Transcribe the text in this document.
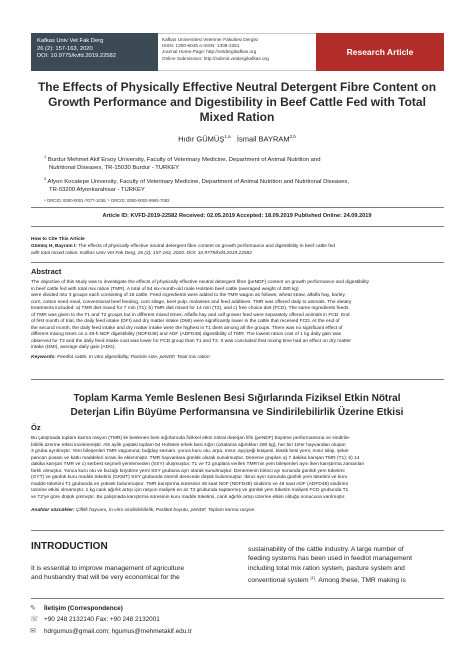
Kafkas Univ Vet Fak Derg
26 (2): 157-163, 2020
DOI: 10.9775/kvfd.2019.22582
Kafkas Universitesi Veteriner Fakultesi Dergisi
ISSN: 1300-6045 e-ISSN: 1309-2251
Journal Home-Page: http://vetdergikafkas.org
Online Submission: http://submit.vetdergikafkas.org
Research Article
The Effects of Physically Effective Neutral Detergent Fibre Content on
Growth Performance and Digestibility in Beef Cattle Fed with Total
Mixed Ration
Hıdır GÜMÜŞ$^{1,a}$ İsmail BAYRAM$^{2,b}$
$^1$ Burdur Mehmet Akif Ersoy University, Faculty of Veterinary Medicine, Department of Animal Nutrition and
Nutritional Diseases, TR-15030 Burdur - TURKEY
$^2$ Afyon Kocatepe University, Faculty of Veterinary Medicine, Department of Animal Nutrition and Nutritional Diseases,
TR-03200 Afyonkarahisar - TURKEY
ᵃ ORCID: 0000-0001-7077-1036; ᵇ ORCID: 0000-0002-9993-7092
Article ID: KVFD-2019-22582 Received: 02.05.2019 Accepted: 18.09.2019 Published Online: 24.09.2019
How to Cite This Article
Gümüş H, Bayram İ: The effects of physically effective neutral detergent fibre content on growth performance and digestibility in beef cattle fed
with total mixed ration. Kafkas Univ Vet Fak Derg, 26 (2): 157-163, 2020. DOI: 10.9775/kvfd.2019.22582
Abstract
The objective of this study was to investigate the effects of physically effective neutral detergent fibre (peNDF) content on growth performance and digestibility
in beef cattle fed with total mix ration (TMR). A total of 54 six-month-old male Holstein beef cattle (averaged weight of 280 kg)
were divided into 3 groups each consisting of 18 cattle. Feed ingredients were added to the TMR wagon as follows; wheat straw, alfalfa hay, barley,
corn, cotton seed meal, conventional beef feeding, corn silage, beet pulp, molasses and feed additives. TMR was offered daily to animals. The dietary
treatments included: a) TMR diet mixed for 7 min (T1); b) TMR diet mixed for 14 min (T2), and c) free choice diet (FCD). The same ingredients feeds
of TMR was given to the T1 and T2 groups but in different mixed times. Alfalfa hay and calf grower feed were separately offered animals in FCD. End
of first month of trial, the daily feed intake (DFI) and dry matter intake (DMI) were significantly lower in the cattle that received FCD. At the end of
the second month, the daily feed intake and dry matter intake were the highest in T1 diets among all the groups. There was no significant effect of
different mixing times on ≥ 48-h NDF digestibility (NDFD48) and ADF (ADFD48) digestibility of TMR. The lowest ration cost of 1 kg daily gain was
observed for T2 and the daily feed intake cost was lower for FCD group than T1 and T2. It was concluded that mixing time had an effect on dry matter
intake (DMI), average daily gain (ADG).
Keywords: Feedlot cattle, In vitro digestibility, Particle size, peNDF, Total mix ration
Toplam Karma Yemle Beslenen Besi Sığırlarında Fiziksel Etkin Nötral
Deterjan Lifin Büyüme Performansına ve Sindirilebilirlik Üzerine Etkisi
Öz
Bu çalışmada toplam karma rasyon (TMR) ile beslenen besi sığırlarında fiziksel etkin nötral deterjan lifin (peNDF) büyüme performansına ve sindirile-
bilirlik üzerine etkisi incelenmiştir. Altı aylık yaştaki toplam 54 Holstein erkek besi sığırı (ortalama ağırlıkları 280 kg), her biri 18'er hayvandan oluşan
3 gruba ayrılmıştır. Yem bileşenleri TMR vagonuna; buğday samanı, yonca kuru otu, arpa, mısır, ayçiçeği küspesi, klasik besi yemi, mısır silajı, şeker
pancarı posası ve katkı maddeleri sırası ile eklenmiştir. TMR hayvanlara günlük olarak sunulmuştur. Deneme grupları a) 7 dakika karışan TMR (T1); b) 14
dakika karışan TMR ve c) serbest seçmeli yemlemeden (SSY) oluşmuştur. T1 ve T2 gruplara verilen TMR'nin yem bileşenleri aynı iken karıştırma zamanları
farklı olmuştur. Yonca kuru otu ve buzağı büyütme yemi SSY grubuna ayrı olarak sunulmuştur. Denemenin birinci ayı sonunda günlük yem tüketimi
(GYT) ve günlük kuru madde tüketimi (GKMT) SSY grubunda önemli derecede düşük bulunmuştur. İkinci ayın sonunda günlük yem tüketimi ve kuru
madde tüketimi T1 grubunda en yüksek bulunmuştur. TMR karıştırma süresinin 48 saat NDF (NDFD48) sindirimi ve 48 saat ADF (ADFD48) sindirimi
üzerine etkisi olmamıştır. 1 kg canlı ağırlık artışı için rasyon maliyeti en az T2 grubunda saptanmış ve günlük yem tüketim maliyeti FCD grubunda T1
ve T2'ye göre düşük çıkmıştır. Bu çalışmada karıştırma süresinin kuru madde tüketimi, canlı ağırlık artışı üzerine etkisi olduğu sonucuna varılmıştır.
Anahtar sözcükler: Çiftlik hayvanı, İn vitro sindirilebilirlik, Partikül boyutu, peNDF, Toplam karma rasyon
INTRODUCTION
It is essential to improve management of agriculture
and husbandry that will be very economical for the
sustainability of the cattle industry. A large number of
feeding systems has been used in feedlot management
including total mix ration system, pasture system and
conventional system [1]. Among these, TMR making is
✎ İletişim (Correspondence)
☏ +90 248 2132140 Fax: +90 248 2132001
✉ hdrgumus@gmail.com; hgumus@mehmetakif.edu.tr
